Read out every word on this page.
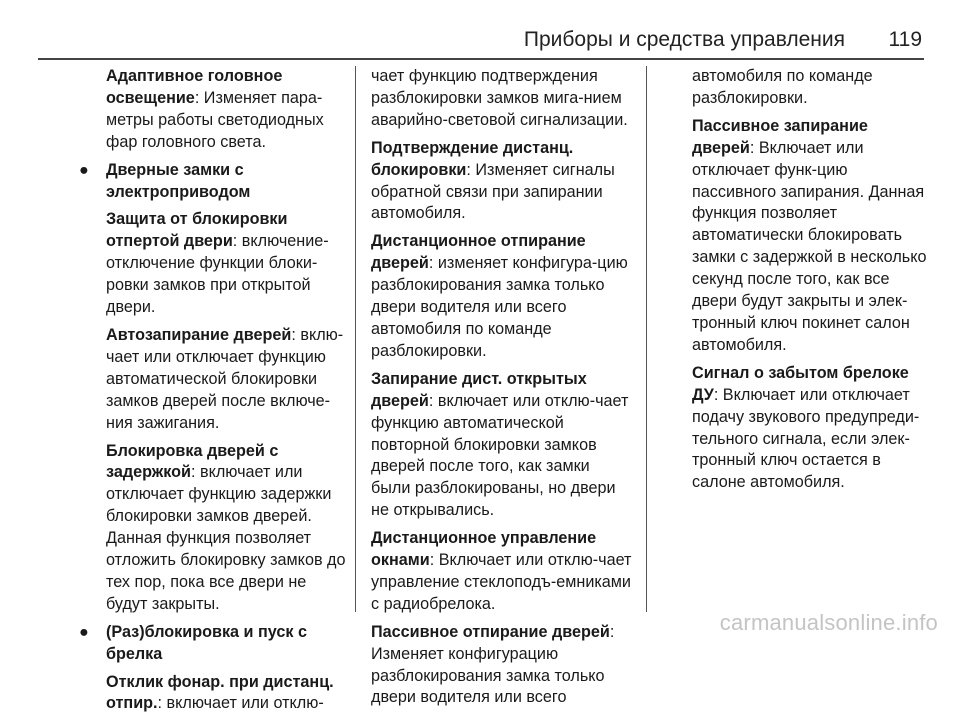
Приборы и средства управления 119

Адаптивное головное освещение: Изменяет пара-метры работы светодиодных фар головного света.

● Дверные замки с электроприводом

Защита от блокировки отпертой двери: включение-отключение функции блоки-ровки замков при открытой двери.

Автозапирание дверей: вклю-чает или отключает функцию автоматической блокировки замков дверей после включе-ния зажигания.

Блокировка дверей с задержкой: включает или отключает функцию задержки блокировки замков дверей. Данная функция позволяет отложить блокировку замков до тех пор, пока все двери не будут закрыты.

● (Раз)блокировка и пуск с брелка

Отклик фонар. при дистанц. отпир.: включает или отклю-

чает функцию подтверждения разблокировки замков мига-нием аварийно-световой сигнализации.

Подтверждение дистанц. блокировки: Изменяет сигналы обратной связи при запирании автомобиля.

Дистанционное отпирание дверей: изменяет конфигура-цию разблокирования замка только двери водителя или всего автомобиля по команде разблокировки.

Запирание дист. открытых дверей: включает или отклю-чает функцию автоматической повторной блокировки замков дверей после того, как замки были разблокированы, но двери не открывались.

Дистанционное управление окнами: Включает или отклю-чает управление стеклоподъ-емниками с радиобрелока.

Пассивное отпирание дверей: Изменяет конфигурацию разблокирования замка только двери водителя или всего

автомобиля по команде разблокировки.

Пассивное запирание дверей: Включает или отключает функ-цию пассивного запирания. Данная функция позволяет автоматически блокировать замки с задержкой в несколько секунд после того, как все двери будут закрыты и элек-тронный ключ покинет салон автомобиля.

Сигнал о забытом брелоке ДУ: Включает или отключает подачу звукового предупреди-тельного сигнала, если элек-тронный ключ остается в салоне автомобиля.

carmanualsonline.info
